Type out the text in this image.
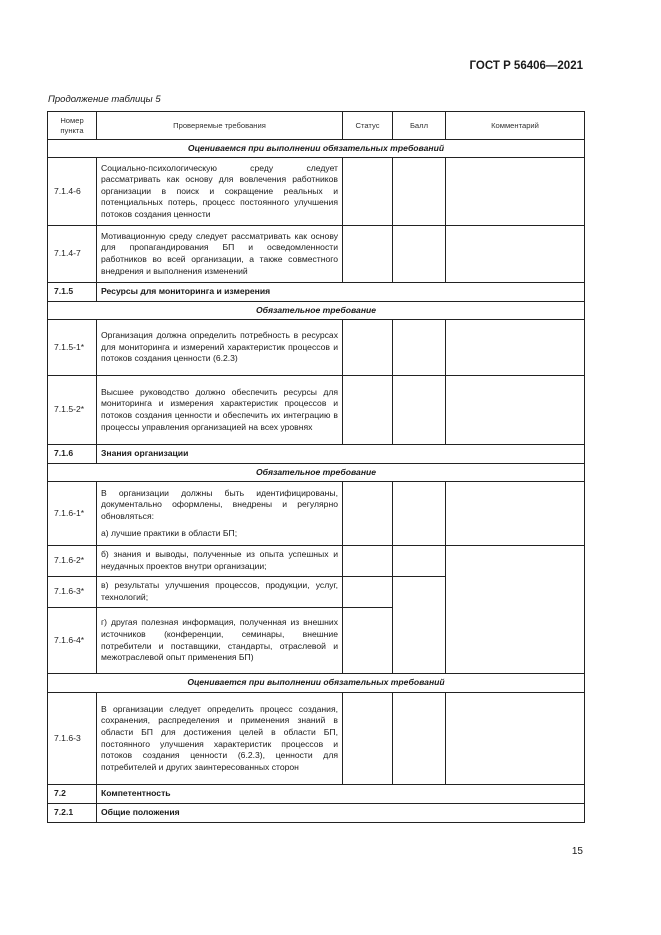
ГОСТ Р 56406—2021
Продолжение таблицы 5
Номер пункта	Проверяемые требования	Статус	Балл	Комментарий
Оцениваемся при выполнении обязательных требований				
7.1.4-6	Социально-психологическую среду следует рассматривать как основу для вовлечения работников организации в поиск и сокращение реальных и потенциальных потерь, процесс постоянного улучшения потоков создания ценности			
7.1.4-7	Мотивационную среду следует рассматривать как основу для пропагандирования БП и осведомленности работников во всей организации, а также совместного внедрения и выполнения изменений			
7.1.5	Ресурсы для мониторинга и измерения			
Обязательное требование				
7.1.5-1*	Организация должна определить потребность в ресурсах для мониторинга и измерений характеристик процессов и потоков создания ценности (6.2.3)			
7.1.5-2*	Высшее руководство должно обеспечить ресурсы для мониторинга и измерения характеристик процессов и потоков создания ценности и обеспечить их интеграцию в процессы управления организацией на всех уровнях			
7.1.6	Знания организации			
Обязательное требование				
7.1.6-1*	В организации должны быть идентифицированы, документально оформлены, внедрены и регулярно обновляться:
а) лучшие практики в области БП;			

7.1.6-2*	б) знания и выводы, полученные из опыта успешных и неудачных проектов внутри организации;			
7.1.6-3*	в) результаты улучшения процессов, продукции, услуг, технологий;			
7.1.6-4*	г) другая полезная информация, полученная из внешних источников (конференции, семинары, внешние потребители и поставщики, стандарты, отраслевой и межотраслевой опыт применения БП)			
Оценивается при выполнении обязательных требований				
7.1.6-3	В организации следует определить процесс создания, сохранения, распределения и применения знаний в области БП для достижения целей в области БП, постоянного улучшения характеристик процессов и потоков создания ценности (6.2.3), ценности для потребителей и других заинтересованных сторон			
7.2	Компетентность			
7.2.1	Общие положения			
15
